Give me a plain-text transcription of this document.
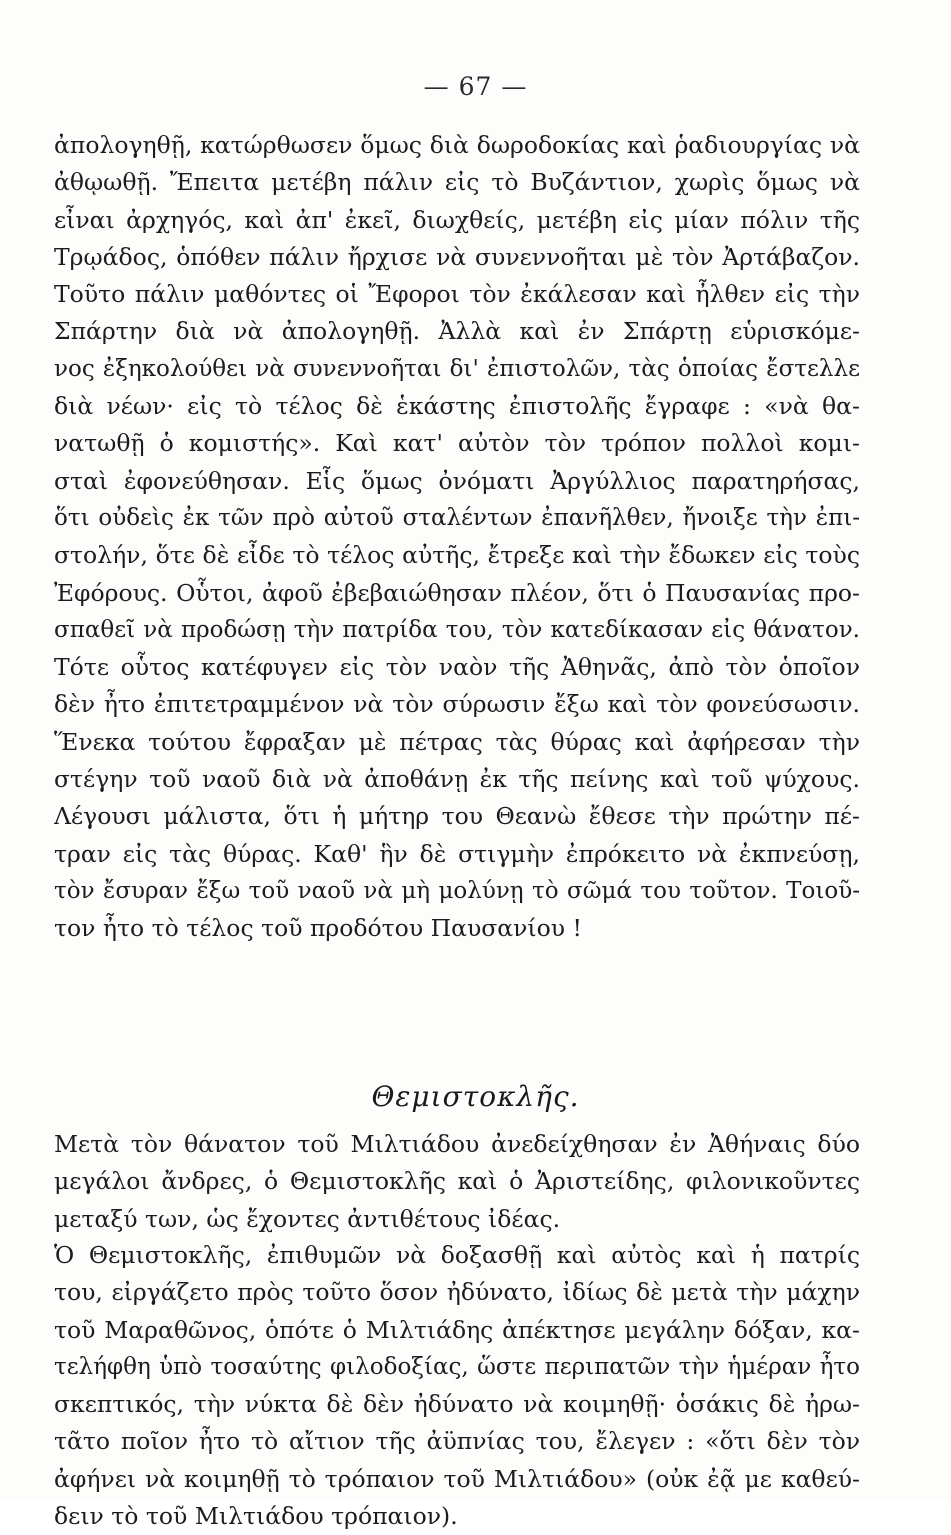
— 67 —
ἀπολογηθῇ, κατώρθωσεν ὅμως διὰ δωροδοκίας καὶ ῥαδιουργίας νὰ
ἀθῳωθῇ. Ἔπειτα μετέβη πάλιν εἰς τὸ Βυζάντιον, χωρὶς ὅμως νὰ
εἶναι ἀρχηγός, καὶ ἀπ' ἐκεῖ, διωχθείς, μετέβη εἰς μίαν πόλιν τῆς
Τρῳάδος, ὁπόθεν πάλιν ἤρχισε νὰ συνεννοῆται μὲ τὸν Ἀρτάβαζον.
Τοῦτο πάλιν μαθόντες οἱ Ἔφοροι τὸν ἐκάλεσαν καὶ ἦλθεν εἰς τὴν
Σπάρτην διὰ νὰ ἀπολογηθῇ. Ἀλλὰ καὶ ἐν Σπάρτῃ εὑρισκόμε-
νος ἐξηκολούθει νὰ συνεννοῆται δι' ἐπιστολῶν, τὰς ὁποίας ἔστελλε
διὰ νέων· εἰς τὸ τέλος δὲ ἑκάστης ἐπιστολῆς ἔγραφε : «νὰ θα-
νατωθῇ ὁ κομιστής». Καὶ κατ' αὐτὸν τὸν τρόπον πολλοὶ κομι-
σταὶ ἐφονεύθησαν. Εἷς ὅμως ὀνόματι Ἀργύλλιος παρατηρήσας,
ὅτι οὐδεὶς ἐκ τῶν πρὸ αὐτοῦ σταλέντων ἐπανῆλθεν, ἤνοιξε τὴν ἐπι-
στολήν, ὅτε δὲ εἶδε τὸ τέλος αὐτῆς, ἔτρεξε καὶ τὴν ἔδωκεν εἰς τοὺς
Ἐφόρους. Οὗτοι, ἀφοῦ ἐβεβαιώθησαν πλέον, ὅτι ὁ Παυσανίας προ-
σπαθεῖ νὰ προδώσῃ τὴν πατρίδα του, τὸν κατεδίκασαν εἰς θάνατον.
Τότε οὗτος κατέφυγεν εἰς τὸν ναὸν τῆς Ἀθηνᾶς, ἀπὸ τὸν ὁποῖον
δὲν ἦτο ἐπιτετραμμένον νὰ τὸν σύρωσιν ἔξω καὶ τὸν φονεύσωσιν.
Ἕνεκα τούτου ἔφραξαν μὲ πέτρας τὰς θύρας καὶ ἀφήρεσαν τὴν
στέγην τοῦ ναοῦ διὰ νὰ ἀποθάνῃ ἐκ τῆς πείνης καὶ τοῦ ψύχους.
Λέγουσι μάλιστα, ὅτι ἡ μήτηρ του Θεανὼ ἔθεσε τὴν πρώτην πέ-
τραν εἰς τὰς θύρας. Καθ' ἣν δὲ στιγμὴν ἐπρόκειτο νὰ ἐκπνεύσῃ,
τὸν ἔσυραν ἔξω τοῦ ναοῦ νὰ μὴ μολύνῃ τὸ σῶμά του τοῦτον. Τοιοῦ-
τον ἦτο τὸ τέλος τοῦ προδότου Παυσανίου !
Θεμιστοκλῆς.
Μετὰ τὸν θάνατον τοῦ Μιλτιάδου ἀνεδείχθησαν ἐν Ἀθήναις δύο
μεγάλοι ἄνδρες, ὁ Θεμιστοκλῆς καὶ ὁ Ἀριστείδης, φιλονικοῦντες
μεταξύ των, ὡς ἔχοντες ἀντιθέτους ἰδέας.
Ὁ Θεμιστοκλῆς, ἐπιθυμῶν νὰ δοξασθῇ καὶ αὐτὸς καὶ ἡ πατρίς
του, εἰργάζετο πρὸς τοῦτο ὅσον ἠδύνατο, ἰδίως δὲ μετὰ τὴν μάχην
τοῦ Μαραθῶνος, ὁπότε ὁ Μιλτιάδης ἀπέκτησε μεγάλην δόξαν, κα-
τελήφθη ὑπὸ τοσαύτης φιλοδοξίας, ὥστε περιπατῶν τὴν ἡμέραν ἦτο
σκεπτικός, τὴν νύκτα δὲ δὲν ἠδύνατο νὰ κοιμηθῇ· ὁσάκις δὲ ἠρω-
τᾶτο ποῖον ἦτο τὸ αἴτιον τῆς ἀϋπνίας του, ἔλεγεν : «ὅτι δὲν τὸν
ἀφήνει νὰ κοιμηθῇ τὸ τρόπαιον τοῦ Μιλτιάδου» (οὐκ ἐᾷ με καθεύ-
δειν τὸ τοῦ Μιλτιάδου τρόπαιον).
